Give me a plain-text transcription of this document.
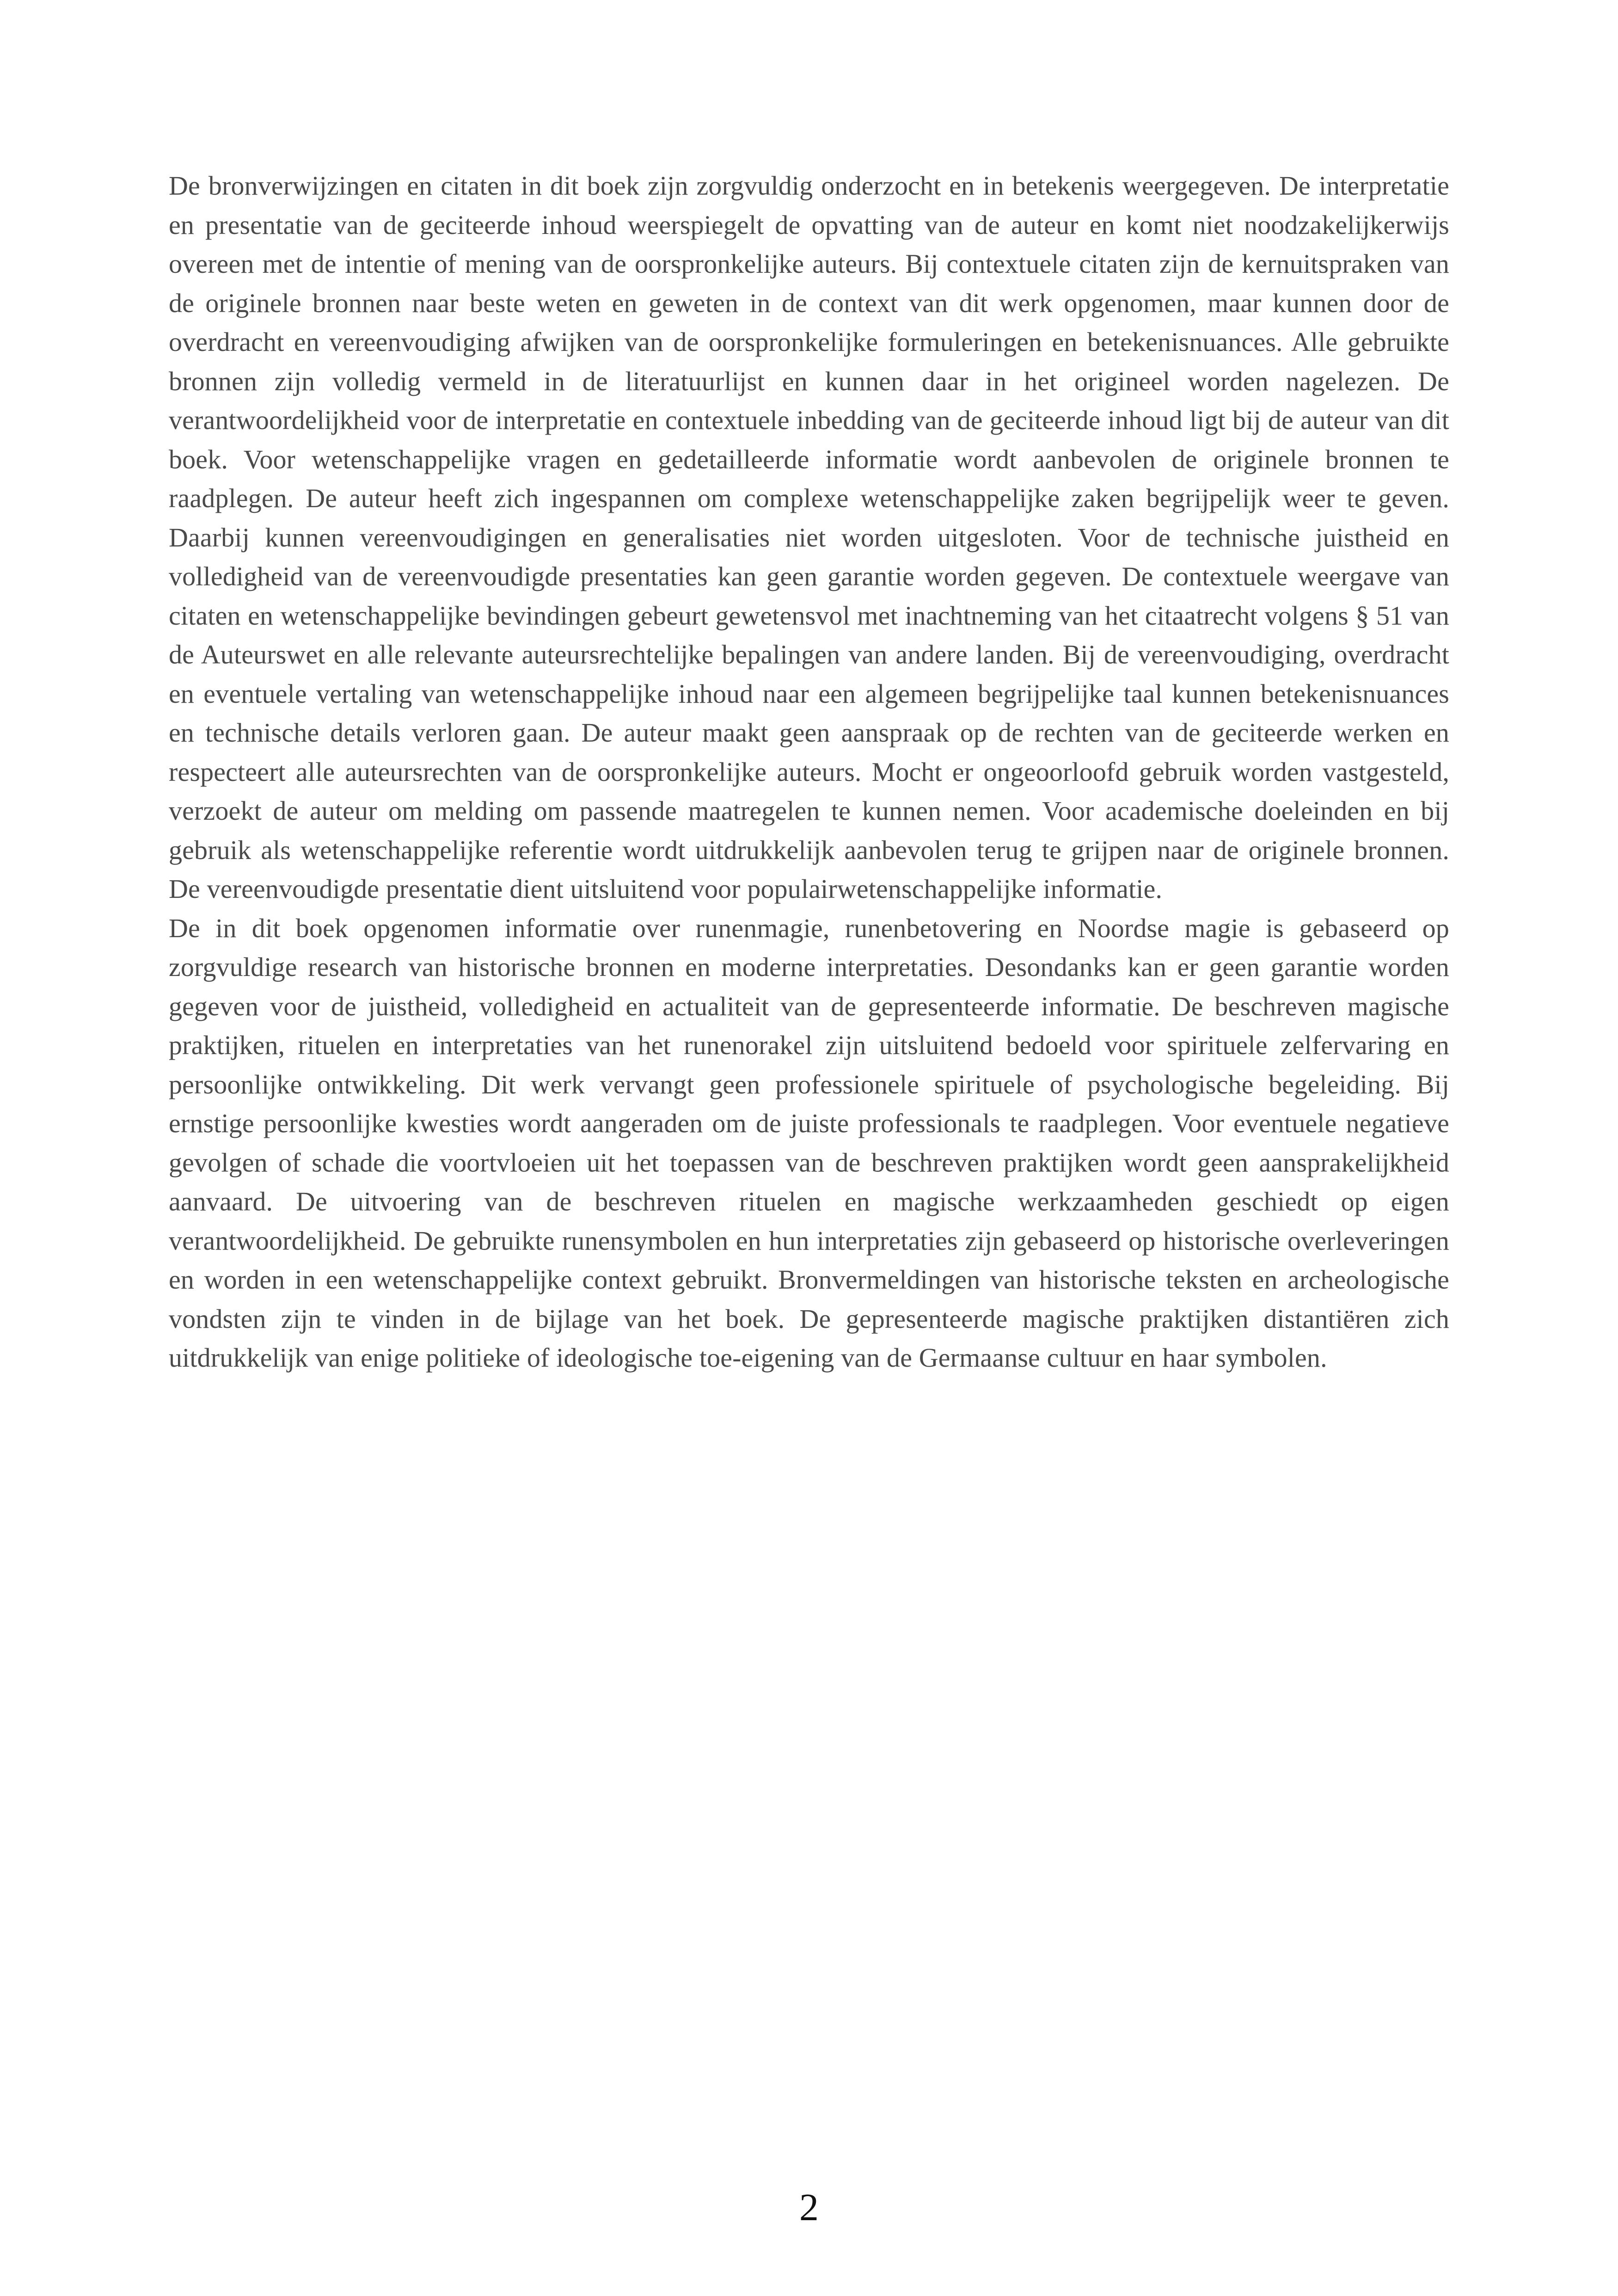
De bronverwijzingen en citaten in dit boek zijn zorgvuldig onderzocht en in betekenis weergegeven. De interpretatie en presentatie van de geciteerde inhoud weerspiegelt de opvatting van de auteur en komt niet noodzakelijkerwijs overeen met de intentie of mening van de oorspronkelijke auteurs. Bij contextuele citaten zijn de kernuitspraken van de originele bronnen naar beste weten en geweten in de context van dit werk opgenomen, maar kunnen door de overdracht en vereenvoudiging afwijken van de oorspronkelijke formuleringen en betekenisnuances. Alle gebruikte bronnen zijn volledig vermeld in de literatuurlijst en kunnen daar in het origineel worden nagelezen. De verantwoordelijkheid voor de interpretatie en contextuele inbedding van de geciteerde inhoud ligt bij de auteur van dit boek. Voor wetenschappelijke vragen en gedetailleerde informatie wordt aanbevolen de originele bronnen te raadplegen. De auteur heeft zich ingespannen om complexe wetenschappelijke zaken begrijpelijk weer te geven. Daarbij kunnen vereenvoudigingen en generalisaties niet worden uitgesloten. Voor de technische juistheid en volledigheid van de vereenvoudigde presentaties kan geen garantie worden gegeven. De contextuele weergave van citaten en wetenschappelijke bevindingen gebeurt gewetensvol met inachtneming van het citaatrecht volgens § 51 van de Auteurswet en alle relevante auteursrechtelijke bepalingen van andere landen. Bij de vereenvoudiging, overdracht en eventuele vertaling van wetenschappelijke inhoud naar een algemeen begrijpelijke taal kunnen betekenisnuances en technische details verloren gaan. De auteur maakt geen aanspraak op de rechten van de geciteerde werken en respecteert alle auteursrechten van de oorspronkelijke auteurs. Mocht er ongeoorloofd gebruik worden vastgesteld, verzoekt de auteur om melding om passende maatregelen te kunnen nemen. Voor academische doeleinden en bij gebruik als wetenschappelijke referentie wordt uitdrukkelijk aanbevolen terug te grijpen naar de originele bronnen. De vereenvoudigde presentatie dient uitsluitend voor populairwetenschappelijke informatie.

De in dit boek opgenomen informatie over runenmagie, runenbetovering en Noordse magie is gebaseerd op zorgvuldige research van historische bronnen en moderne interpretaties. Desondanks kan er geen garantie worden gegeven voor de juistheid, volledigheid en actualiteit van de gepresenteerde informatie. De beschreven magische praktijken, rituelen en interpretaties van het runenorakel zijn uitsluitend bedoeld voor spirituele zelfervaring en persoonlijke ontwikkeling. Dit werk vervangt geen professionele spirituele of psychologische begeleiding. Bij ernstige persoonlijke kwesties wordt aangeraden om de juiste professionals te raadplegen. Voor eventuele negatieve gevolgen of schade die voortvloeien uit het toepassen van de beschreven praktijken wordt geen aansprakelijkheid aanvaard. De uitvoering van de beschreven rituelen en magische werkzaamheden geschiedt op eigen verantwoordelijkheid. De gebruikte runensymbolen en hun interpretaties zijn gebaseerd op historische overleveringen en worden in een wetenschappelijke context gebruikt. Bronvermeldingen van historische teksten en archeologische vondsten zijn te vinden in de bijlage van het boek. De gepresenteerde magische praktijken distantiëren zich uitdrukkelijk van enige politieke of ideologische toe-eigening van de Germaanse cultuur en haar symbolen.

2
